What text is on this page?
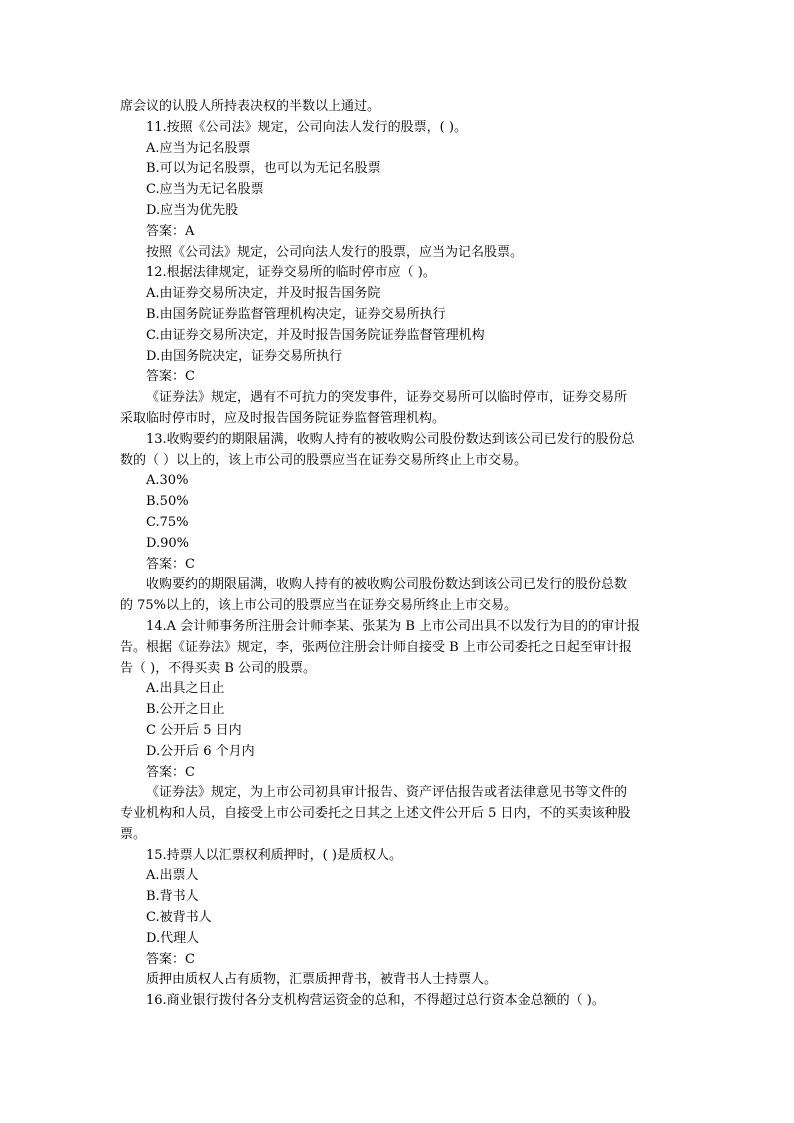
席会议的认股人所持表决权的半数以上通过。
11.按照《公司法》规定，公司向法人发行的股票，( )。
A.应当为记名股票
B.可以为记名股票，也可以为无记名股票
C.应当为无记名股票
D.应当为优先股
答案：A
按照《公司法》规定，公司向法人发行的股票，应当为记名股票。
12.根据法律规定，证券交易所的临时停市应（ )。
A.由证券交易所决定，并及时报告国务院
B.由国务院证券监督管理机构决定，证券交易所执行
C.由证券交易所决定，并及时报告国务院证券监督管理机构
D.由国务院决定，证券交易所执行
答案：C
《证券法》规定，遇有不可抗力的突发事件，证券交易所可以临时停市，证券交易所
采取临时停市时，应及时报告国务院证券监督管理机构。
13.收购要约的期限届满，收购人持有的被收购公司股份数达到该公司已发行的股份总
数的（ ）以上的，该上市公司的股票应当在证券交易所终止上市交易。
A.30%
B.50%
C.75%
D.90%
答案：C
收购要约的期限届满，收购人持有的被收购公司股份数达到该公司已发行的股份总数
的 75%以上的，该上市公司的股票应当在证券交易所终止上市交易。
14.A 会计师事务所注册会计师李某、张某为 B 上市公司出具不以发行为目的的审计报
告。根据《证券法》规定，李，张两位注册会计师自接受 B 上市公司委托之日起至审计报
告（ )，不得买卖 B 公司的股票。
A.出具之日止
B.公开之日止
C 公开后 5 日内
D.公开后 6 个月内
答案：C
《证券法》规定，为上市公司初具审计报告、资产评估报告或者法律意见书等文件的
专业机构和人员，自接受上市公司委托之日其之上述文件公开后 5 日内，不的买卖该种股
票。
15.持票人以汇票权利质押时，( )是质权人。
A.出票人
B.背书人
C.被背书人
D.代理人
答案：C
质押由质权人占有质物，汇票质押背书，被背书人士持票人。
16.商业银行拨付各分支机构营运资金的总和，不得超过总行资本金总额的（ )。
